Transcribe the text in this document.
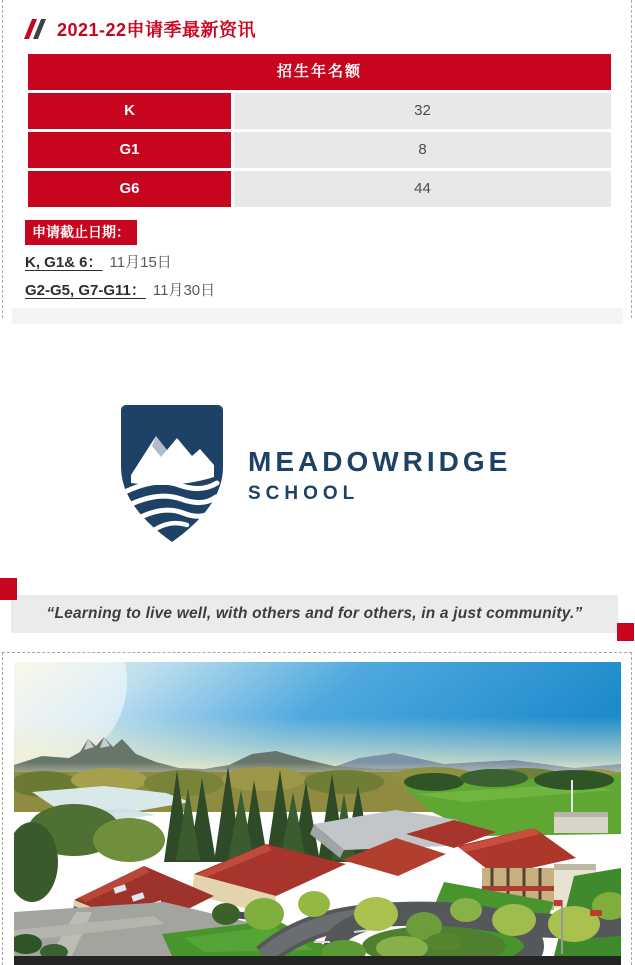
2021-22申请季最新资讯
招生年名额
K	32
G1	8
G6	44
申请截止日期：

K, G1& 6： 11月15日

G2-G5, G7-G11： 11月30日

MEADOWRIDGE
SCHOOL
“Learning to live well, with others and for others, in a just community.”
